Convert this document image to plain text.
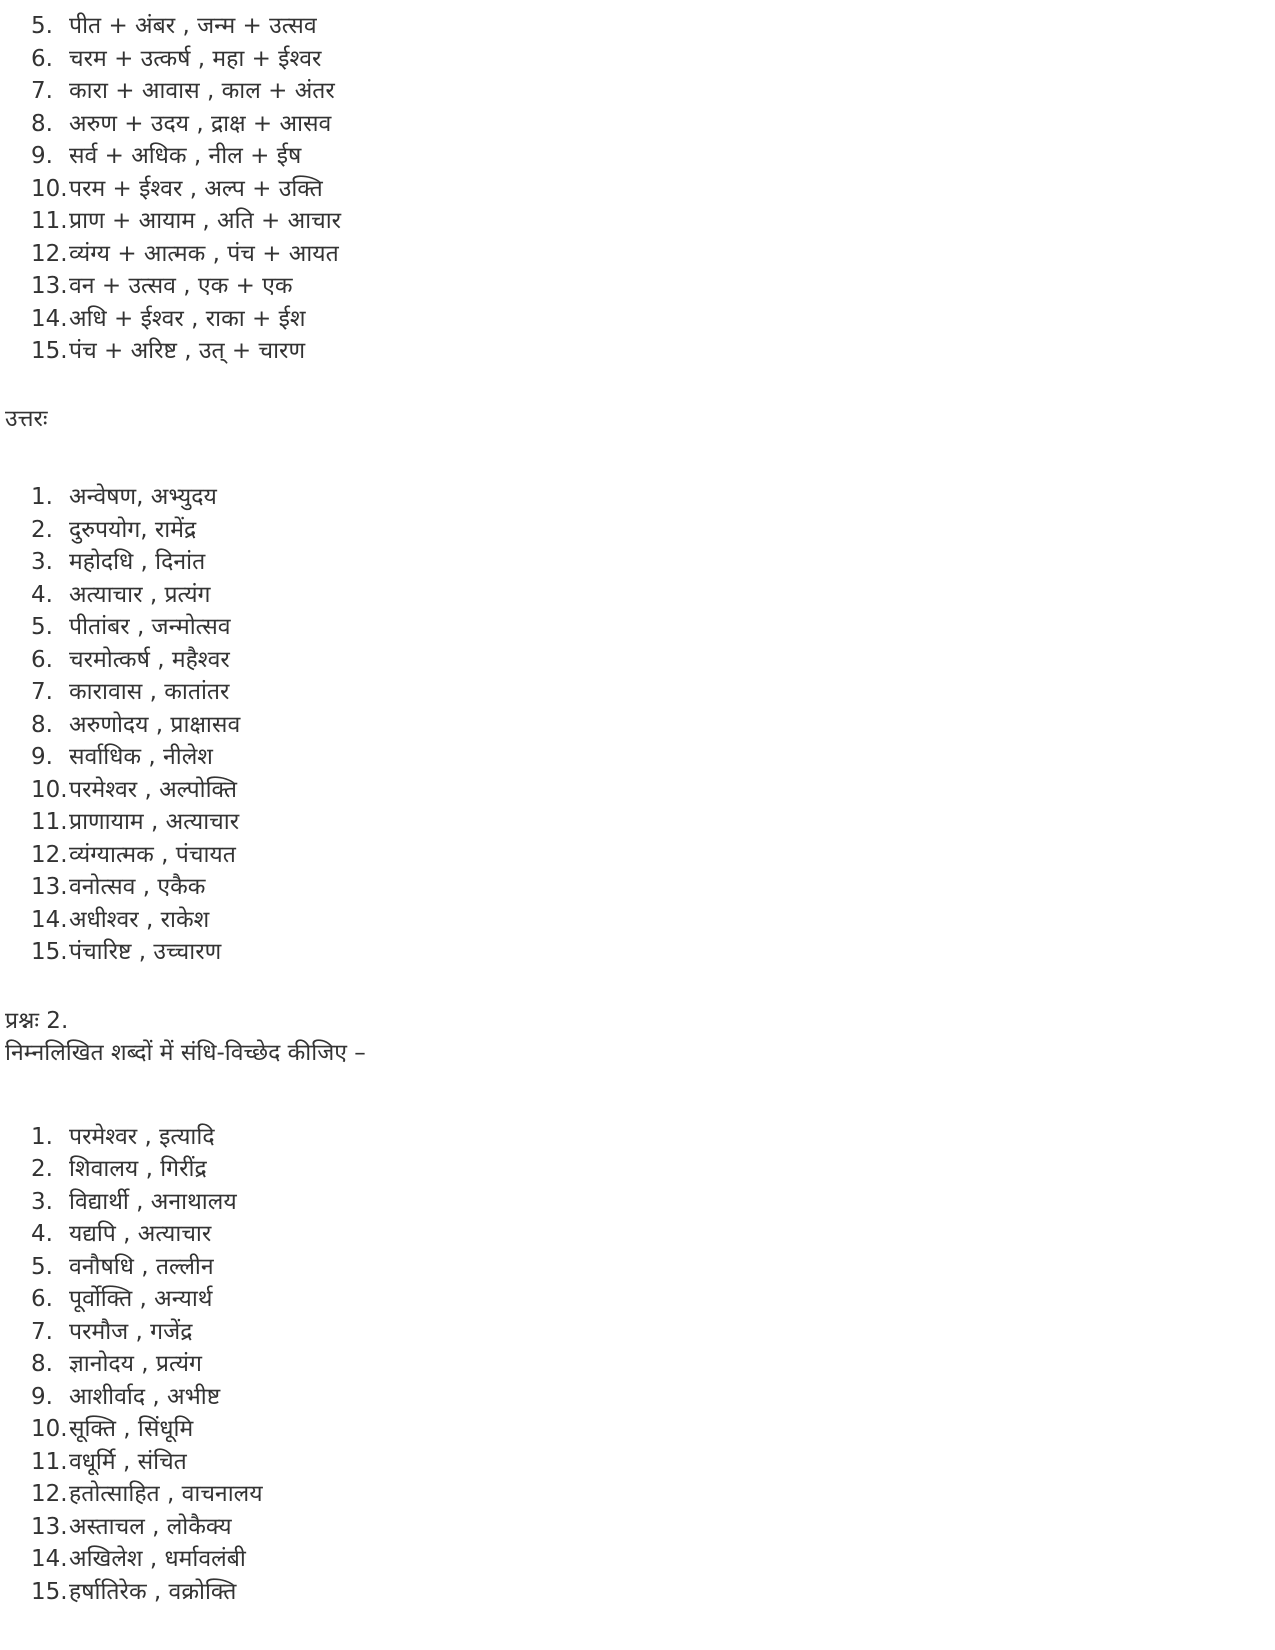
5. पीत + अंबर , जन्म + उत्सव
6. चरम + उत्कर्ष , महा + ईश्वर
7. कारा + आवास , काल + अंतर
8. अरुण + उदय , द्राक्ष + आसव
9. सर्व + अधिक , नील + ईष
10. परम + ईश्वर , अल्प + उक्ति
11. प्राण + आयाम , अति + आचार
12. व्यंग्य + आत्मक , पंच + आयत
13. वन + उत्सव , एक + एक
14. अधि + ईश्वर , राका + ईश
15. पंच + अरिष्ट , उत् + चारण

उत्तरः

1. अन्वेषण, अभ्युदय
2. दुरुपयोग, रामेंद्र
3. महोदधि , दिनांत
4. अत्याचार , प्रत्यंग
5. पीतांबर , जन्मोत्सव
6. चरमोत्कर्ष , महैश्वर
7. कारावास , कातांतर
8. अरुणोदय , प्राक्षासव
9. सर्वाधिक , नीलेश
10. परमेश्वर , अल्पोक्ति
11. प्राणायाम , अत्याचार
12. व्यंग्यात्मक , पंचायत
13. वनोत्सव , एकैक
14. अधीश्वर , राकेश
15. पंचारिष्ट , उच्चारण

प्रश्नः 2.

निम्नलिखित शब्दों में संधि-विच्छेद कीजिए –

1. परमेश्वर , इत्यादि
2. शिवालय , गिरींद्र
3. विद्यार्थी , अनाथालय
4. यद्यपि , अत्याचार
5. वनौषधि , तल्लीन
6. पूर्वोक्ति , अन्यार्थ
7. परमौज , गजेंद्र
8. ज्ञानोदय , प्रत्यंग
9. आशीर्वाद , अभीष्ट
10. सूक्ति , सिंधूमि
11. वधूर्मि , संचित
12. हतोत्साहित , वाचनालय
13. अस्ताचल , लोकैक्य
14. अखिलेश , धर्मावलंबी
15. हर्षातिरेक , वक्रोक्ति
